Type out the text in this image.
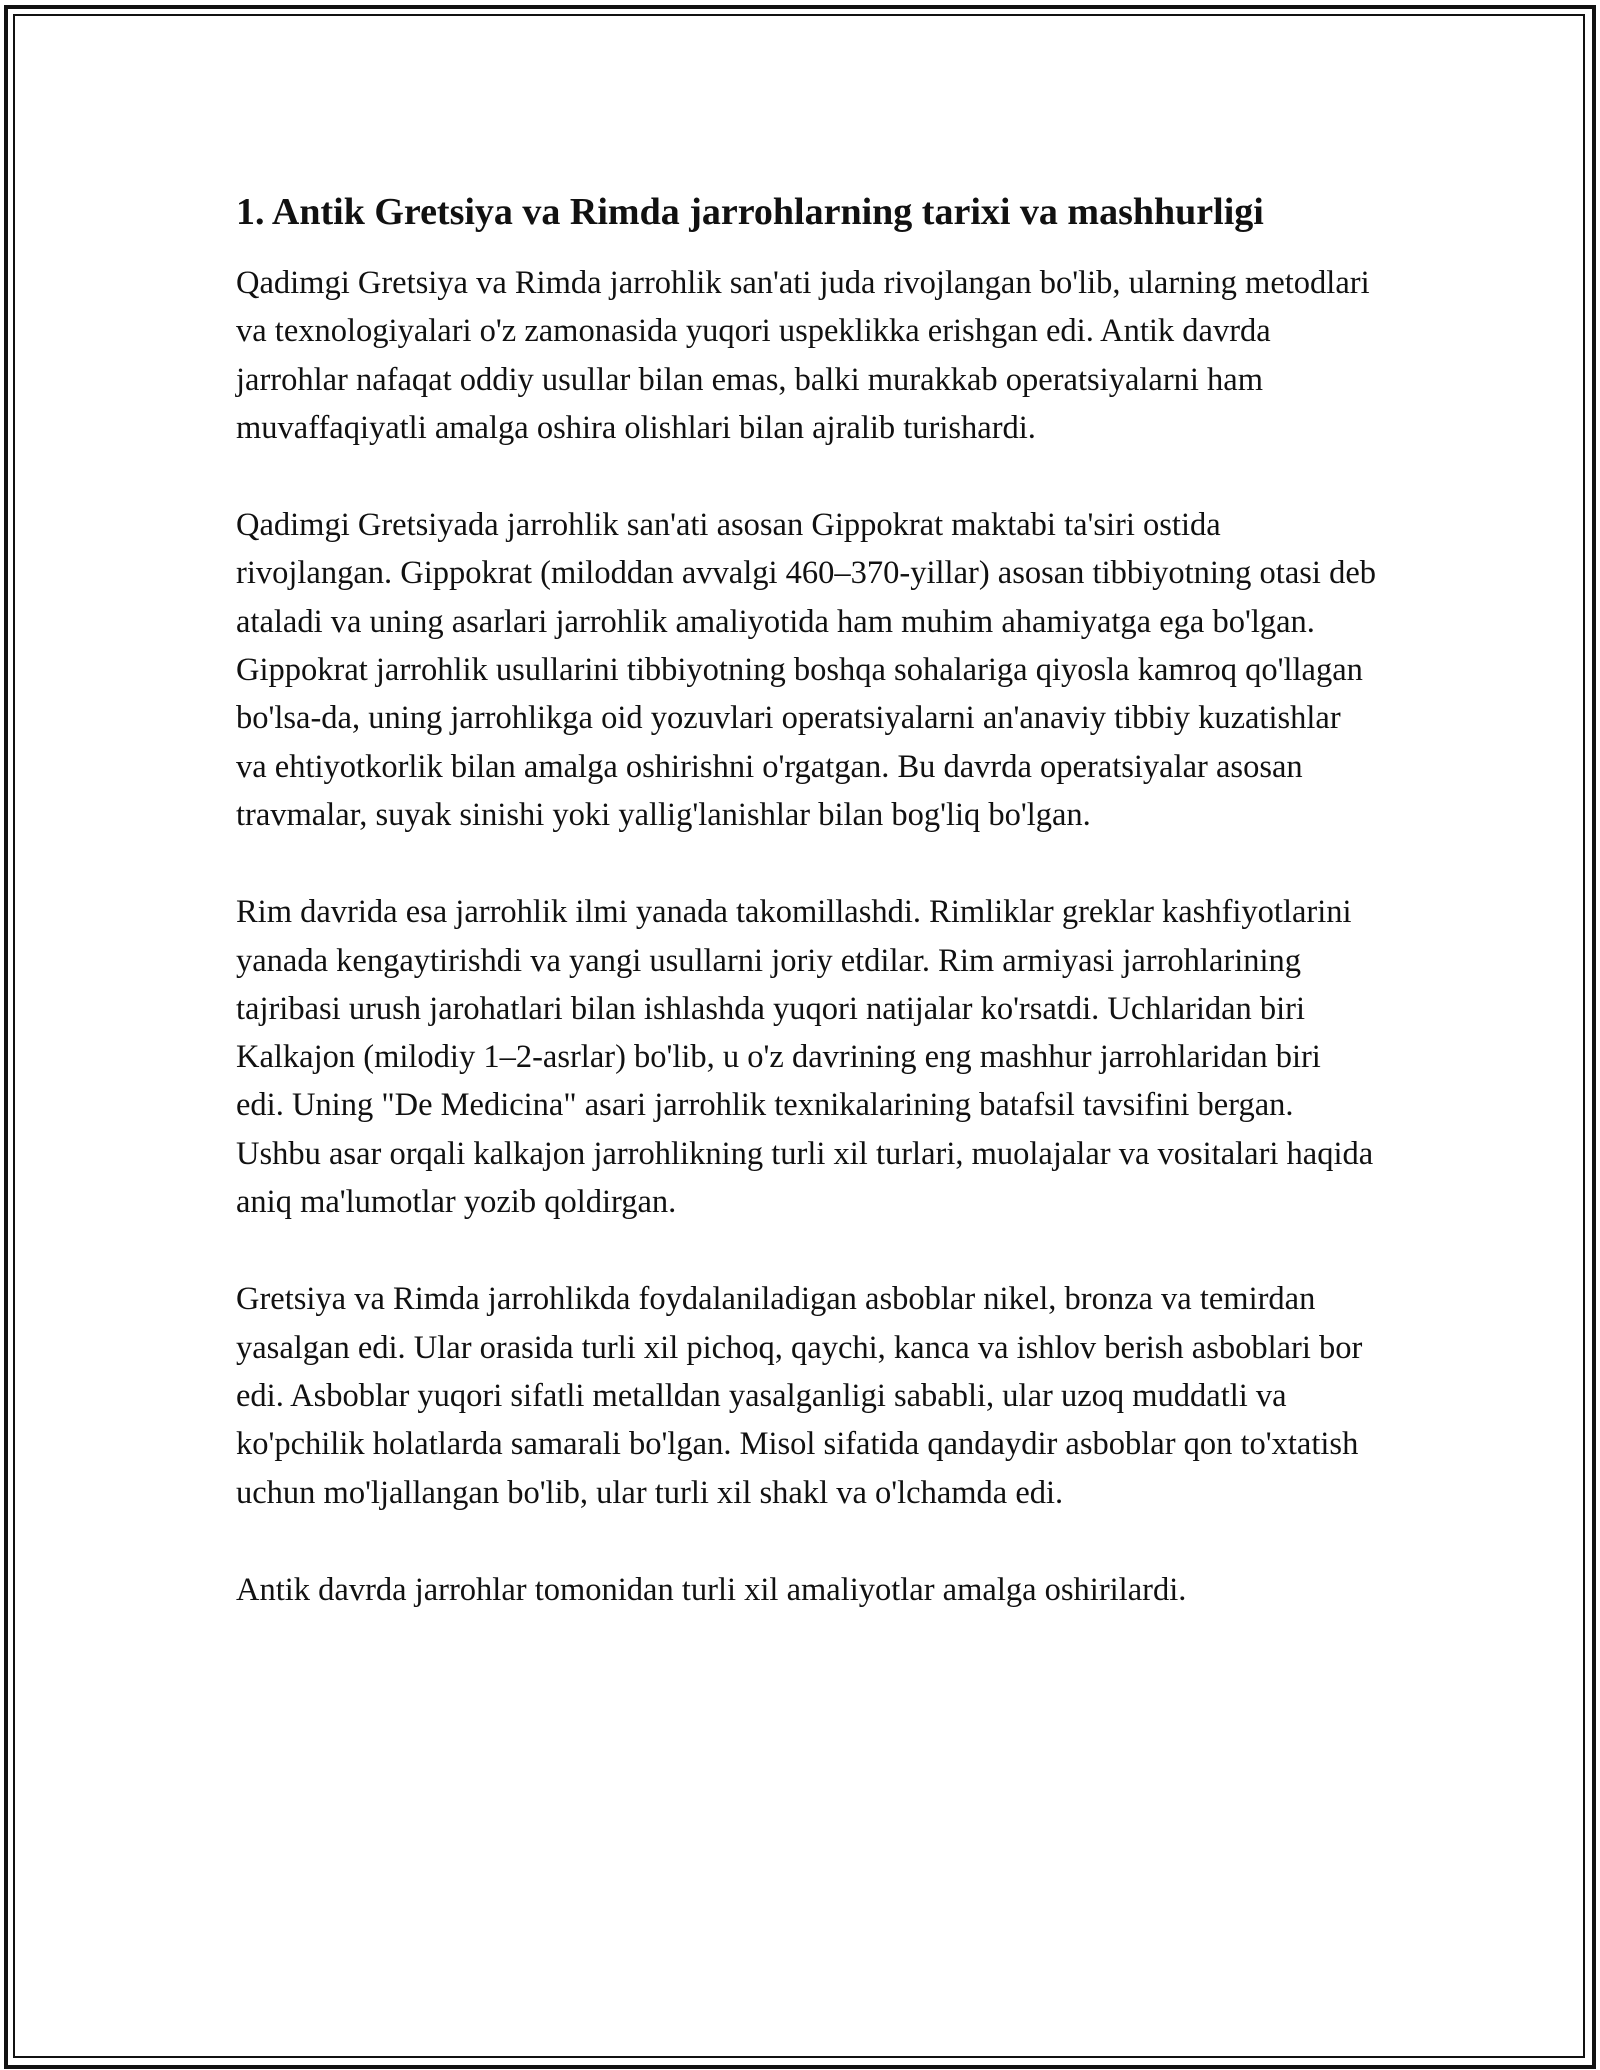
1. Antik Gretsiya va Rimda jarrohlarning tarixi va mashhurligi

Qadimgi Gretsiya va Rimda jarrohlik san'ati juda rivojlangan bo'lib, ularning metodlari va texnologiyalari o'z zamonasida yuqori uspeklikka erishgan edi. Antik davrda jarrohlar nafaqat oddiy usullar bilan emas, balki murakkab operatsiyalarni ham muvaffaqiyatli amalga oshira olishlari bilan ajralib turishardi.

Qadimgi Gretsiyada jarrohlik san'ati asosan Gippokrat maktabi ta'siri ostida rivojlangan. Gippokrat (miloddan avvalgi 460–370-yillar) asosan tibbiyotning otasi deb ataladi va uning asarlari jarrohlik amaliyotida ham muhim ahamiyatga ega bo'lgan. Gippokrat jarrohlik usullarini tibbiyotning boshqa sohalariga qiyosla kamroq qo'llagan bo'lsa-da, uning jarrohlikga oid yozuvlari operatsiyalarni an'anaviy tibbiy kuzatishlar va ehtiyotkorlik bilan amalga oshirishni o'rgatgan. Bu davrda operatsiyalar asosan travmalar, suyak sinishi yoki yallig'lanishlar bilan bog'liq bo'lgan.

Rim davrida esa jarrohlik ilmi yanada takomillashdi. Rimliklar greklar kashfiyotlarini yanada kengaytirishdi va yangi usullarni joriy etdilar. Rim armiyasi jarrohlarining tajribasi urush jarohatlari bilan ishlashda yuqori natijalar ko'rsatdi. Uchlaridan biri Kalkajon (milodiy 1–2-asrlar) bo'lib, u o'z davrining eng mashhur jarrohlaridan biri edi. Uning "De Medicina" asari jarrohlik texnikalarining batafsil tavsifini bergan. Ushbu asar orqali kalkajon jarrohlikning turli xil turlari, muolajalar va vositalari haqida aniq ma'lumotlar yozib qoldirgan.

Gretsiya va Rimda jarrohlikda foydalaniladigan asboblar nikel, bronza va temirdan yasalgan edi. Ular orasida turli xil pichoq, qaychi, kanca va ishlov berish asboblari bor edi. Asboblar yuqori sifatli metalldan yasalganligi sababli, ular uzoq muddatli va ko'pchilik holatlarda samarali bo'lgan. Misol sifatida qandaydir asboblar qon to'xtatish uchun mo'ljallangan bo'lib, ular turli xil shakl va o'lchamda edi.

Antik davrda jarrohlar tomonidan turli xil amaliyotlar amalga oshirilardi.
